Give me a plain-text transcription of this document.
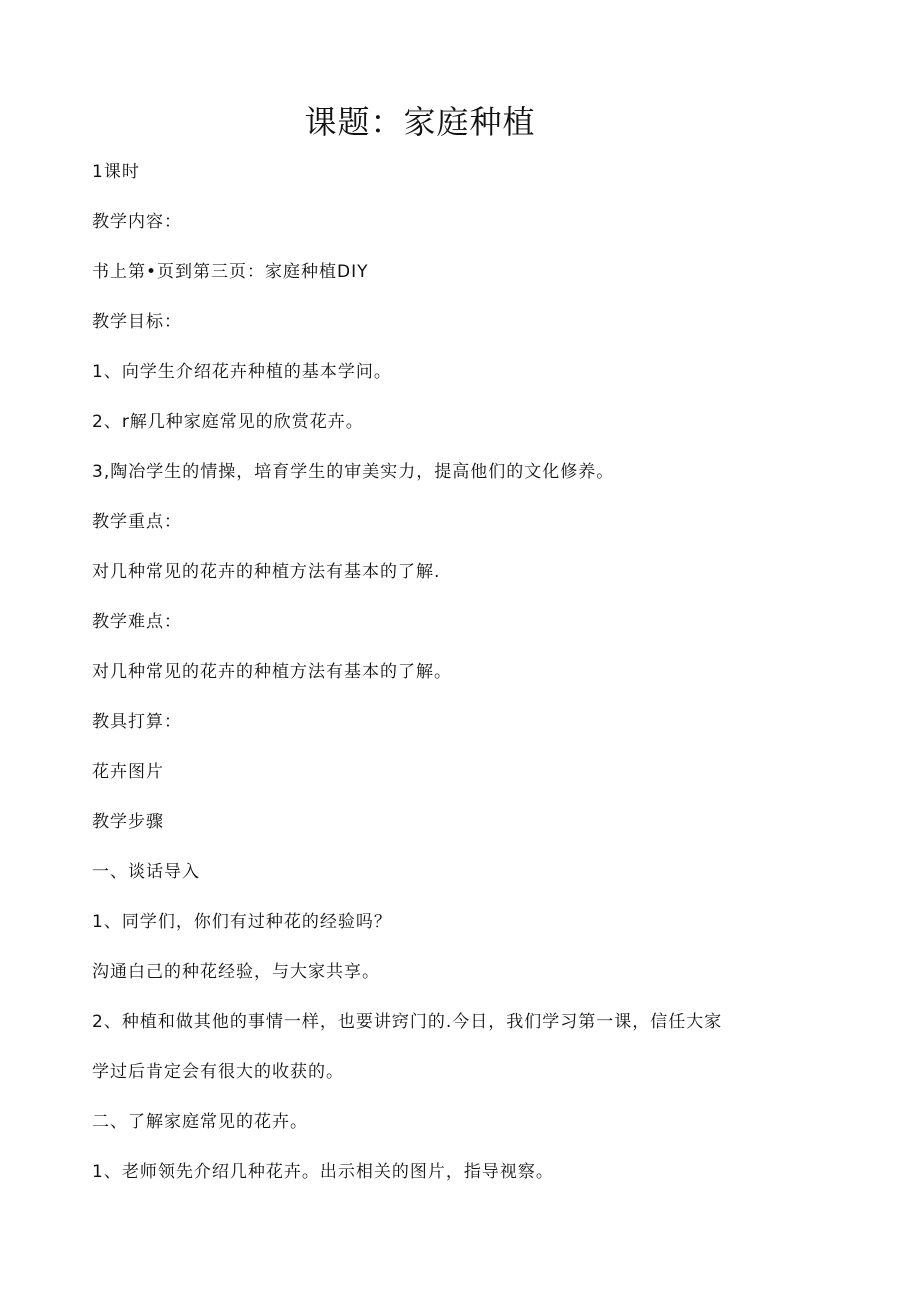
课题：家庭种植
1课时
教学内容：
书上第•页到第三页：家庭种植DIY
教学目标：
1、向学生介绍花卉种植的基本学问。
2、r解几种家庭常见的欣赏花卉。
3,陶冶学生的情操，培育学生的审美实力，提高他们的文化修养。
教学重点：
对几种常见的花卉的种植方法有基本的了解.
教学难点：
对几种常见的花卉的种植方法有基本的了解。
教具打算：
花卉图片
教学步骤
一、谈话导入
1、同学们，你们有过种花的经验吗？
沟通白己的种花经验，与大家共享。
2、种植和做其他的事情一样，也要讲窍门的.今日，我们学习第一课，信任大家
学过后肯定会有很大的收获的。
二、了解家庭常见的花卉。
1、老师领先介绍几种花卉。出示相关的图片，指导视察。
